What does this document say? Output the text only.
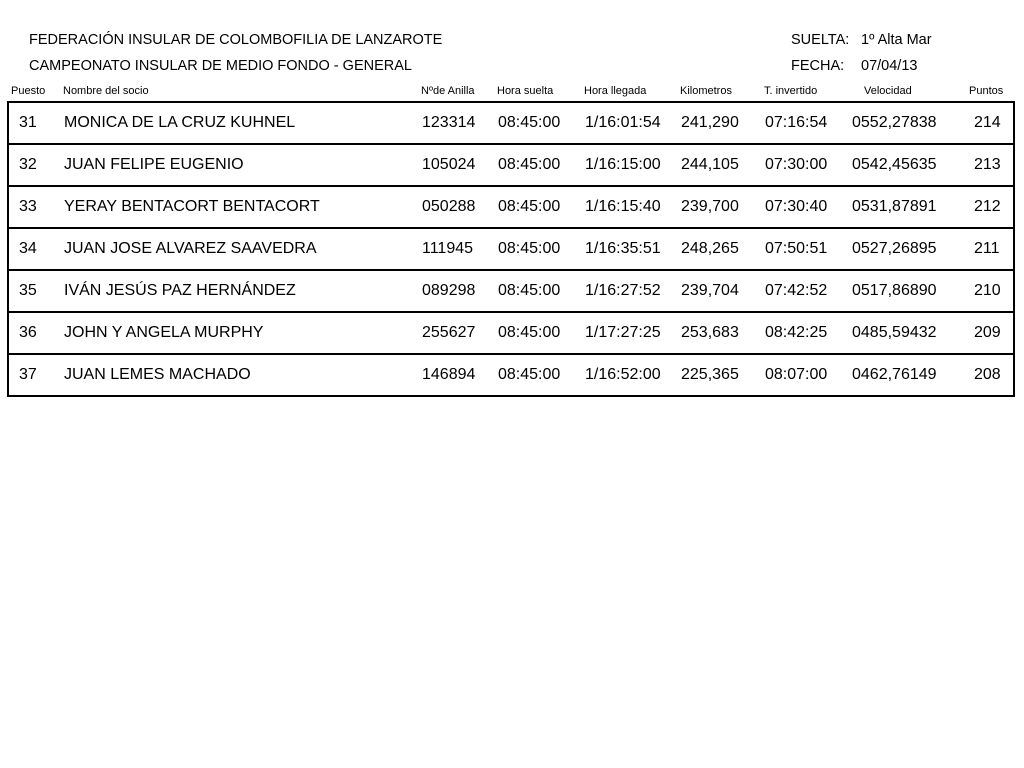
FEDERACIÓN INSULAR DE COLOMBOFILIA DE LANZAROTE
CAMPEONATO INSULAR DE MEDIO FONDO - GENERAL
SUELTA: 1º Alta Mar
FECHA: 07/04/13
Puesto Nombre del socio	Nºde Anilla Hora suelta	Hora llegada	Kilometros	T. invertido	Velocidad	Puntos
31 MONICA DE LA CRUZ KUHNEL	123314 08:45:00 1/16:01:54 241,290 07:16:54 0552,27838 214
32 JUAN FELIPE EUGENIO	105024 08:45:00 1/16:15:00 244,105 07:30:00 0542,45635 213
33 YERAY BENTACORT BENTACORT	050288 08:45:00 1/16:15:40 239,700 07:30:40 0531,87891 212
34 JUAN JOSE ALVAREZ SAAVEDRA	111945 08:45:00 1/16:35:51 248,265 07:50:51 0527,26895 211
35 IVÁN JESÚS PAZ HERNÁNDEZ	089298 08:45:00 1/16:27:52 239,704 07:42:52 0517,86890 210
36 JOHN Y ANGELA MURPHY	255627 08:45:00 1/17:27:25 253,683 08:42:25 0485,59432 209
37 JUAN LEMES MACHADO	146894 08:45:00 1/16:52:00 225,365 08:07:00 0462,76149 208
